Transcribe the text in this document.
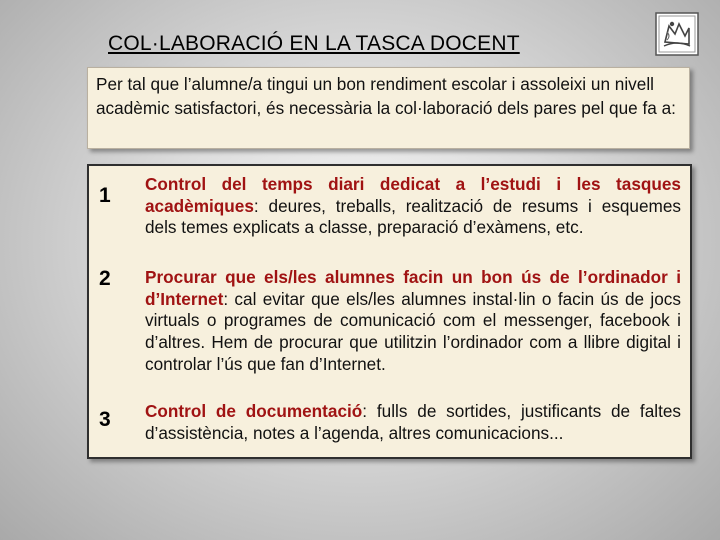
COL·LABORACIÓ EN LA TASCA DOCENT
Per tal que l’alumne/a tingui un bon rendiment escolar i assoleixi un nivell acadèmic satisfactori, és necessària la col·laboració dels pares pel que fa a:
1	Control del temps diari dedicat a l’estudi i les tasques acadèmiques: deures, treballs, realització de resums i esquemes dels temes explicats a classe, preparació d’exàmens, etc.
2	Procurar que els/les alumnes facin un bon ús de l’ordinador i d’Internet: cal evitar que els/les alumnes instal·lin o facin ús de jocs virtuals o programes de comunicació com el messenger, facebook i d’altres. Hem de procurar que utilitzin l’ordinador com a llibre digital i controlar l’ús que fan d’Internet.
3	Control de documentació: fulls de sortides, justificants de faltes d’assistència, notes a l’agenda, altres comunicacions...
